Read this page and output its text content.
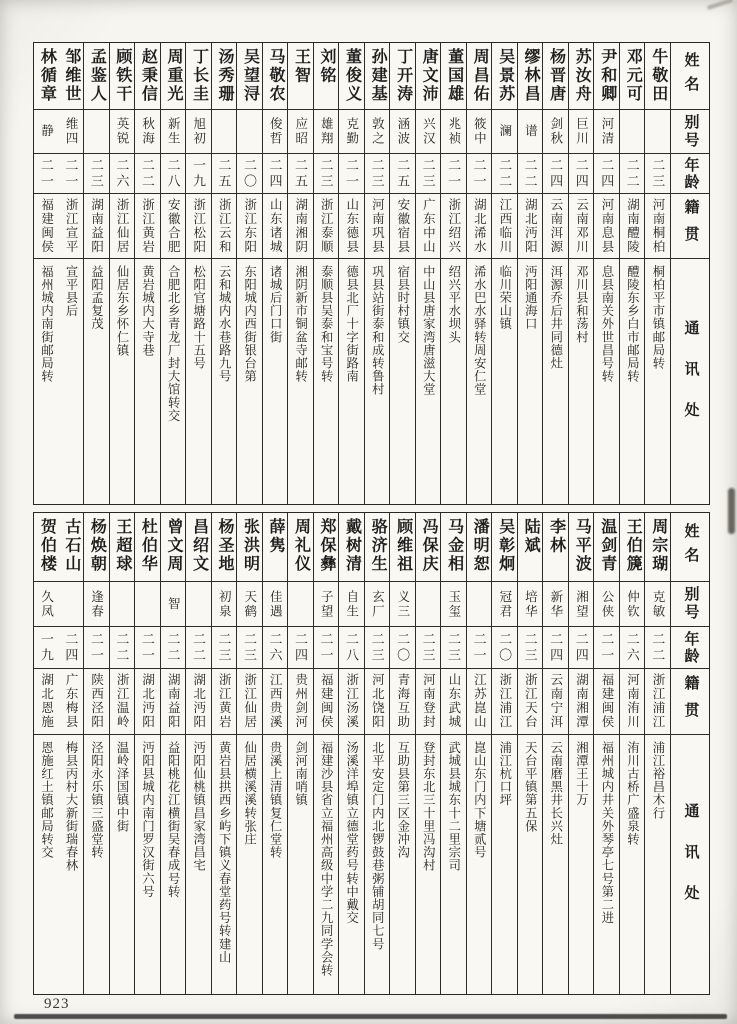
姓名
别号
年龄
籍贯
通讯处
牛敬田
二三
河南桐柏
桐柏平市镇邮局转
邓元可
二二
湖南醴陵
醴陵东乡白市邮局转
尹和卿
河清
二四
河南息县
息县南关外世昌号转
苏汝舟
巨川
二四
云南邓川
邓川县和荡村
杨晋唐
剑秋
二四
云南洱源
洱源乔后井同德灶
缪林昌
谱
二二
湖北沔阳
沔阳通海口
吴景苏
澜
二二
江西临川
临川荣山镇
周昌佑
筱中
二一
湖北浠水
浠水巴水驿转周安仁堂
董国雄
兆祯
二一
浙江绍兴
绍兴平水坝头
唐文沛
兴汉
二三
广东中山
中山县唐家湾唐滋大堂
丁开涛
涵波
二五
安徽宿县
宿县时村镇交
孙建基
敦之
二三
河南巩县
巩县站街泰和成转鲁村
董俊义
克勤
二一
山东德县
德县北厂十字街路南
刘铭
雄翔
二三
浙江泰顺
泰顺县吴泰和宝号转
王智
应昭
二五
湖南湘阴
湘阴新市铜盆寺邮转
马敬农
俊哲
二四
山东诸城
诸城后门口街
吴望浔
二〇
浙江东阳
东阳城内西街银台第
汤秀珊
二五
浙江云和
云和城内水巷路九号
丁长圭
旭初
一九
浙江松阳
松阳官塘路十五号
周重光
新生
二八
安徽合肥
合肥北乡青龙厂封大馆转交
赵秉信
秋海
二二
浙江黄岩
黄岩城内大寺巷
顾铁干
英锐
二六
浙江仙居
仙居东乡怀仁镇
孟鉴人
二三
湖南益阳
益阳孟复茂
邹维世
维四
二一
浙江宣平
宣平县后
林循章
静
二一
福建闽侯
福州城内南街邮局转
姓名
别号
年龄
籍贯
通讯处
周宗瑚
克敏
二二
浙江浦江
浦江裕昌木行
王伯篪
仲钦
二六
河南洧川
洧川古桥广盛泉转
温剑青
公侠
二一
福建闽侯
福州城内井关外琴亭七号第二进
马平波
湘望
二四
湖南湘潭
湘潭王十万
李林
新华
二四
云南宁洱
云南磨黑井长兴灶
陆斌
培华
二三
浙江天台
天台平镇第五保
吴彰炯
冠君
二〇
浙江浦江
浦江杭口坪
潘明恕
二一
江苏崑山
崑山东门内下塘贰号
马金相
玉玺
二三
山东武城
武城县城东十二里宗司
冯保庆
二三
河南登封
登封东北三十里冯沟村
顾维祖
义三
二〇
青海互助
互助县第三区金冲沟
骆济生
玄厂
二三
河北饶阳
北平安定门内北锣鼓巷粥铺胡同七号
戴树清
自生
二八
浙江汤溪
汤溪洋埠镇立德堂药号转中戴交
郑保彝
子望
二一
福建闽侯
福建沙县省立福州高级中学二九同学会转
周礼仪
二四
贵州剑河
剑河南哨镇
薛隽
佳遇
二六
江西贵溪
贵溪上清镇复仁堂转
张洪明
天鹤
二三
浙江仙居
仙居横溪溪转张庄
杨圣地
初泉
二三
浙江黄岩
黄岩县拱西乡屿下镇义春堂药号转建山
昌绍文
二二
湖北沔阳
沔阳仙桃镇昌家湾昌宅
曾文周
智
二二
湖南益阳
益阳桃花江横街吴春成号转
杜伯华
二一
湖北沔阳
沔阳县城内南门罗汉街六号
王超球
二二
浙江温岭
温岭泽国镇中街
杨焕朝
逢春
二一
陕西泾阳
泾阳永乐镇三盛堂转
古石山
二四
广东梅县
梅县丙村大新街瑞春林
贺伯楼
久凤
一九
湖北恩施
恩施红土镇邮局转交
923
